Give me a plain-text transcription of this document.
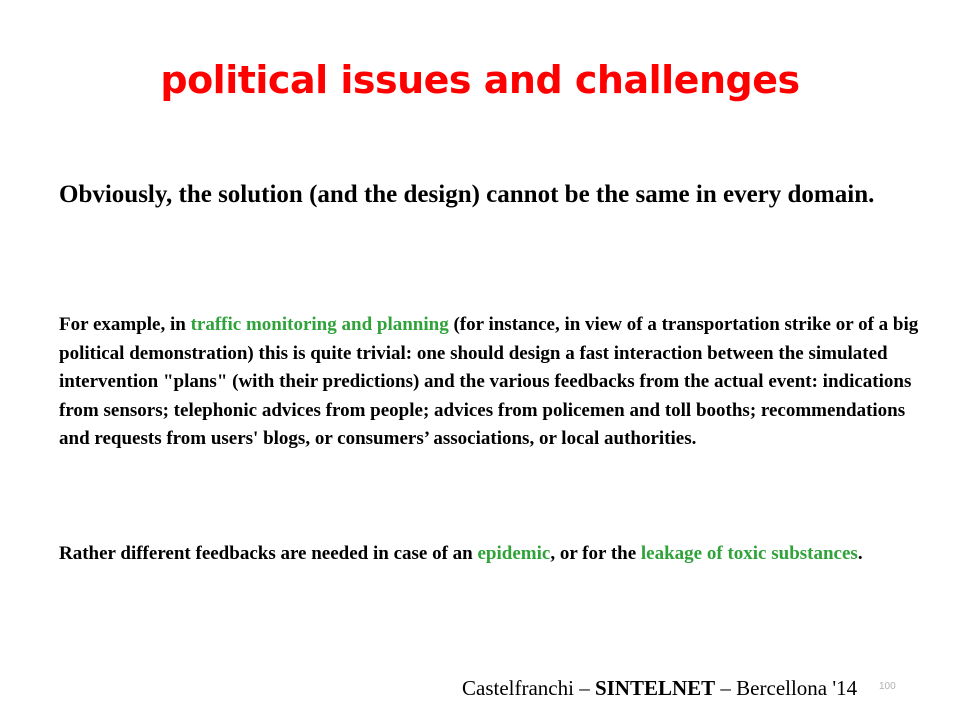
political issues and challenges

Obviously, the solution (and the design) cannot be the same in every domain.

For example, in traffic monitoring and planning (for instance, in view of a transportation strike or of a big political demonstration) this is quite trivial: one should design a fast interaction between the simulated intervention "plans" (with their predictions) and the various feedbacks from the actual event: indications from sensors; telephonic advices from people; advices from policemen and toll booths; recommendations and requests from users' blogs, or consumers’ associations, or local authorities.

Rather different feedbacks are needed in case of an epidemic, or for the leakage of toxic substances.

Castelfranchi – SINTELNET – Bercellona '14 100
